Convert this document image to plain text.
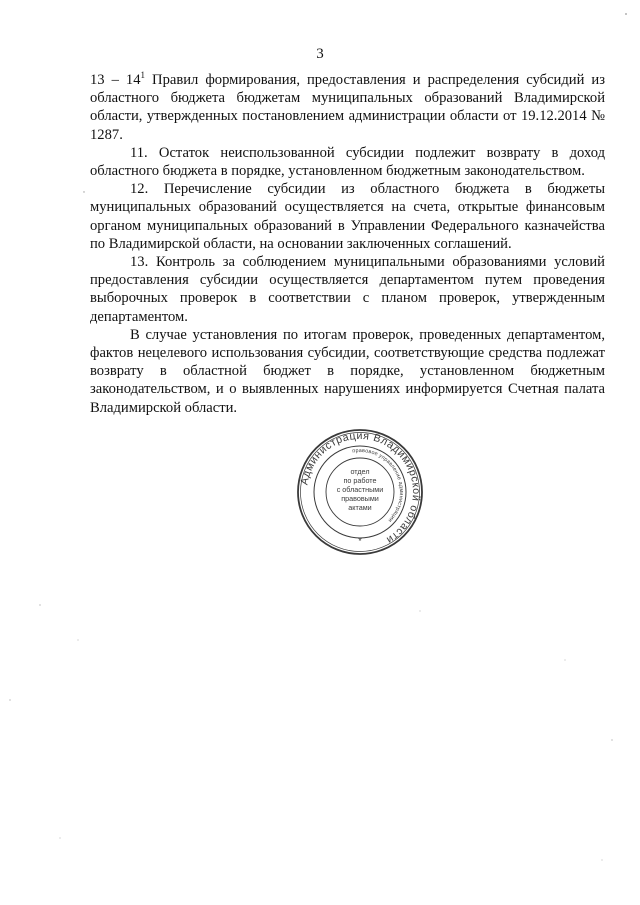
3

$13 - 14^1$ Правил формирования, предоставления и распределения субсидий из областного бюджета бюджетам муниципальных образований Владимирской области, утвержденных постановлением администрации области от 19.12.2014 № 1287.

11. Остаток неиспользованной субсидии подлежит возврату в доход областного бюджета в порядке, установленном бюджетным законодательством.

12. Перечисление субсидии из областного бюджета в бюджеты муниципальных образований осуществляется на счета, открытые финансовым органом муниципальных образований в Управлении Федерального казначейства по Владимирской области, на основании заключенных соглашений.

13. Контроль за соблюдением муниципальными образованиями условий предоставления субсидии осуществляется департаментом путем проведения выборочных проверок в соответствии с планом проверок, утвержденным департаментом.

В случае установления по итогам проверок, проведенных департаментом, фактов нецелевого использования субсидии, соответствующие средства подлежат возврату в областной бюджет в порядке, установленном бюджетным законодательством, и о выявленных нарушениях информируется Счетная палата Владимирской области.

Администрация Владимирской области
правовое управление администрации
отдел
по работе
с областными
правовыми
актами
*
